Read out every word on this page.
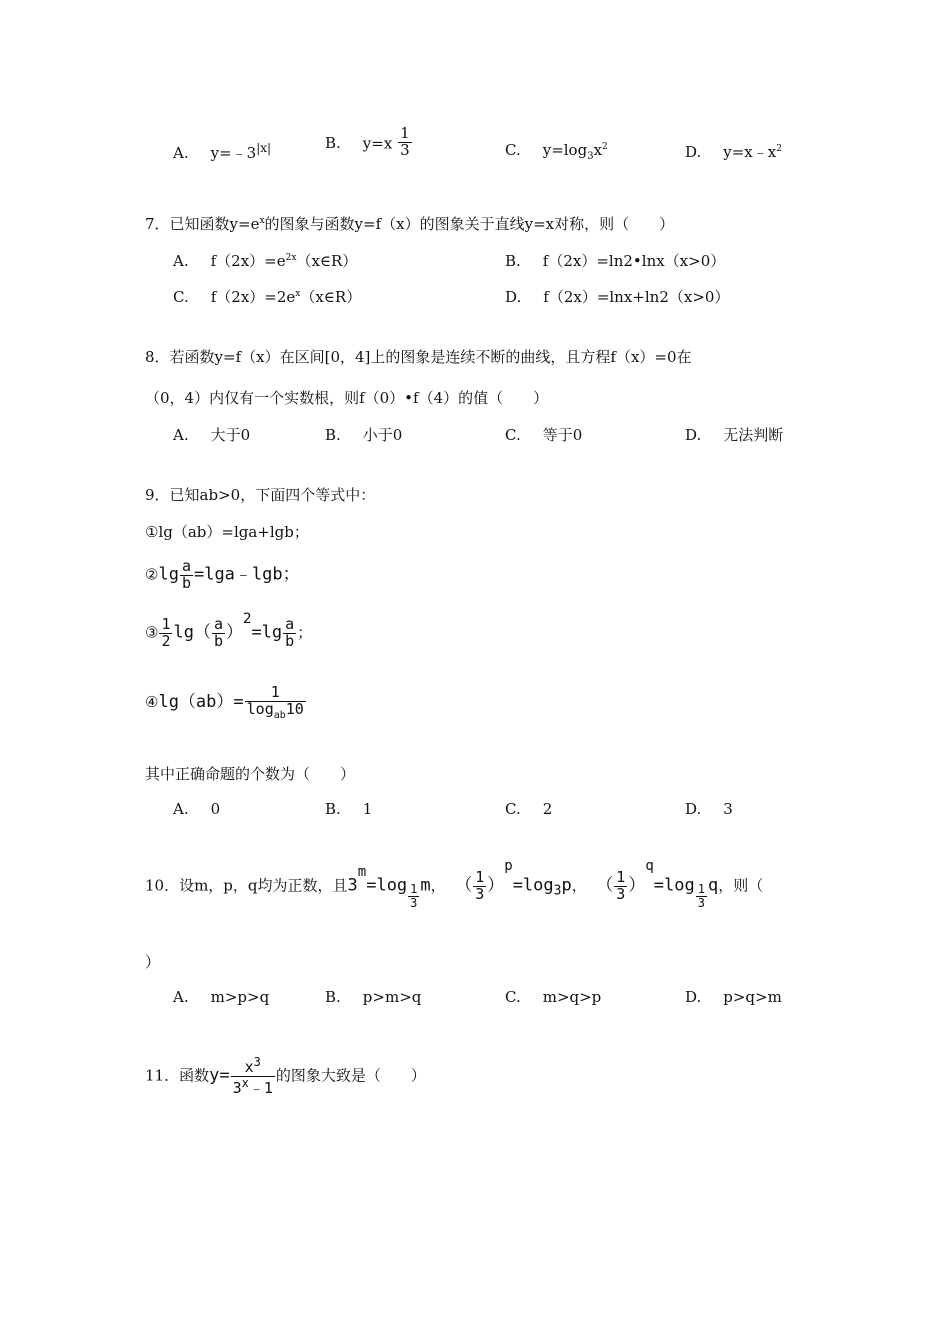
A. $y=﹣3^{|x|}$	B. $y=x \frac{1}{3}$	C. $y=\log_3x^2$	D. $y=x﹣x^2$
7．已知函数$y=e^x$的图象与函数y=f（x）的图象关于直线y=x对称，则（　　）
A. $f(2x)=e^{2x}(x\in R)$	B. f（2x）=ln2•lnx（x>0）
C. $f(2x)=2e^x(x\in R)$	D. f（2x）=lnx+ln2（x>0）
8．若函数y=f（x）在区间[0，4]上的图象是连续不断的曲线，且方程f（x）=0在
（0，4）内仅有一个实数根，则f（0）•f（4）的值（　　）
A. 大于0	B. 小于0	C. 等于0	D. 无法判断
9．已知ab>0，下面四个等式中：
①lg（ab）=lga+lgb；
②lg $\frac{a}{b}$ =lga﹣lgb；
③ $\frac{1}{2} \lg( \frac{a}{b} )2=\lg \frac{a}{b}$ ；
④lg（ab）= $\frac{1}{\log_{ab}10}$
其中正确命题的个数为（　　）
A. 0	B. 1	C. 2	D. 3
10．设m，p，q均为正数，且$3m=\log \frac{1}{3}$ m， （ $\frac{1}{3} )p=\log_3p$， （ $\frac{1}{3} )q=\log \frac{1}{3}$ q，则（
）
A. m>p>q	B. p>m>q	C. m>q>p	D. p>q>m
11．函数$y= \frac{x^3}{3^x﹣1}$ 的图象大致是（　　）
